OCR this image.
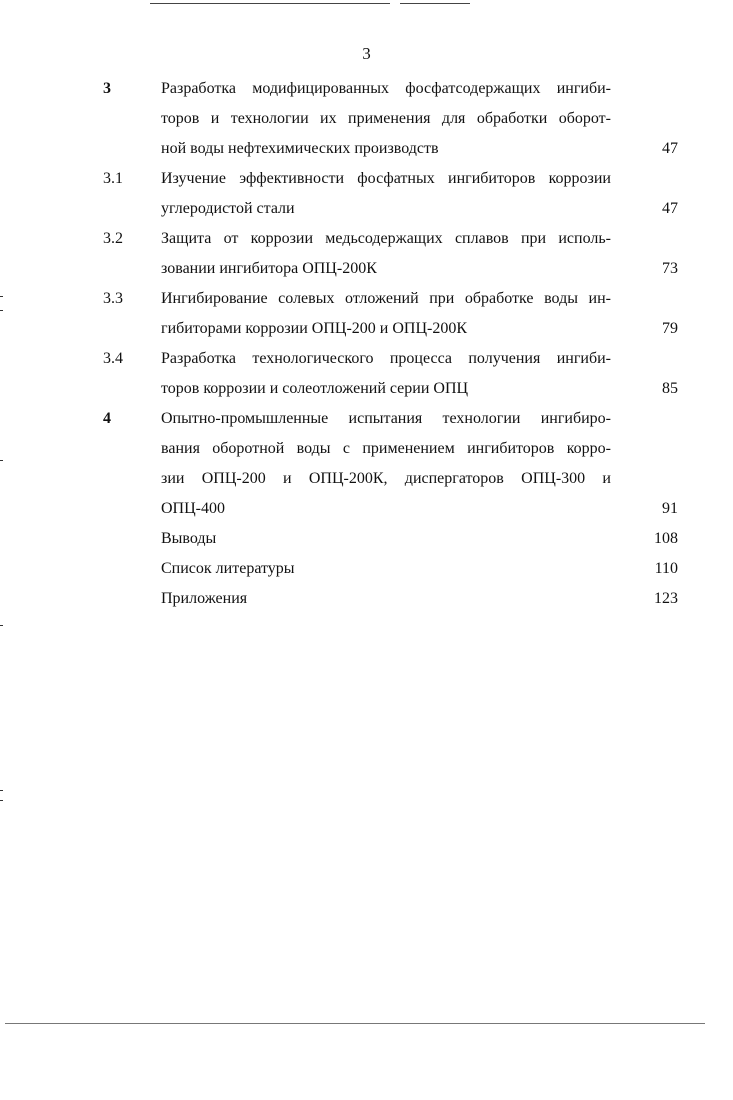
3
3	Разработка модифицированных фосфатсодержащих ингиби-
торов и технологии их применения для обработки оборот-
ной воды нефтехимических производств	47
3.1 Изучение эффективности фосфатных ингибиторов коррозии
углеродистой стали	47
3.2 Защита от коррозии медьсодержащих сплавов при исполь-
зовании ингибитора ОПЦ-200К	73
3.3 Ингибирование солевых отложений при обработке воды ин-
гибиторами коррозии ОПЦ-200 и ОПЦ-200К	79
3.4 Разработка технологического процесса получения ингиби-
торов коррозии и солеотложений серии ОПЦ	85
4	Опытно-промышленные испытания технологии ингибиро-
вания оборотной воды с применением ингибиторов корро-
зии ОПЦ-200 и ОПЦ-200К, диспергаторов ОПЦ-300 и
ОПЦ-400	91
Выводы	108
Список литературы	110
Приложения	123
